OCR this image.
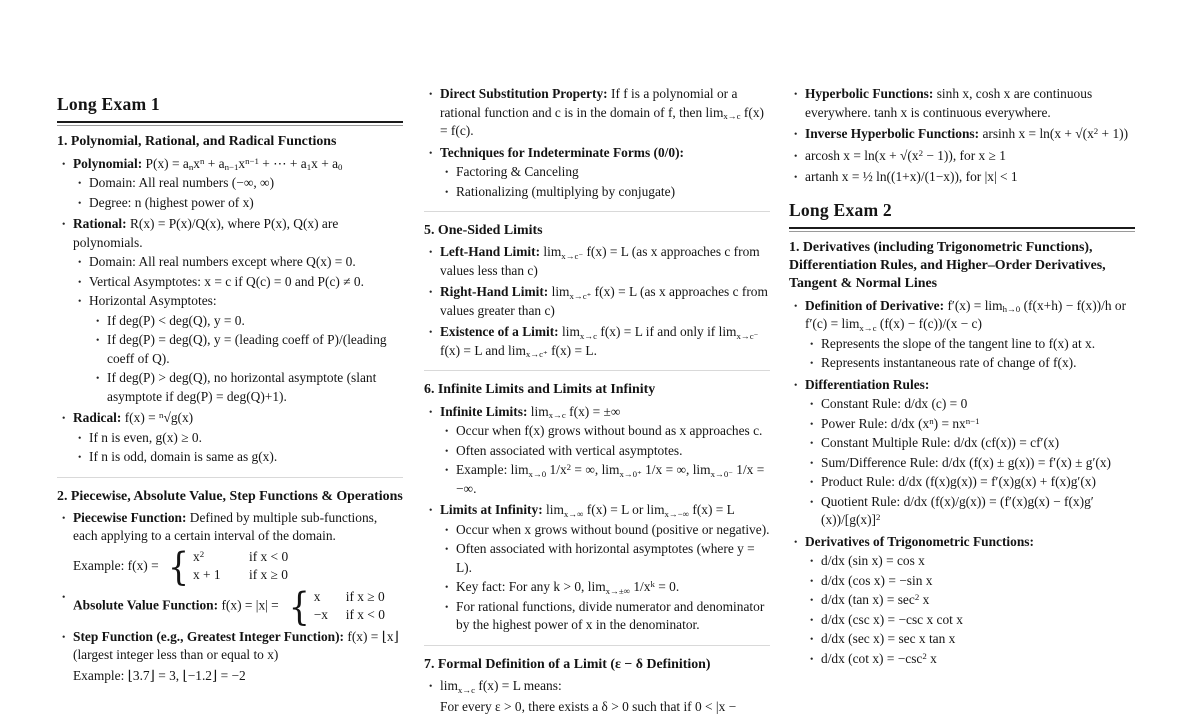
Long Exam 1
1. Polynomial, Rational, and Radical Functions
•
Polynomial: $P(x) = a_nx^n + a_{n-1}x^{n-1}$ + ⋯ + $a_1x + a_0$
•
Domain: All real numbers (−∞, ∞)
•
Degree: n (highest power of x)
•
Rational: R(x) = P(x)/Q(x), where P(x), Q(x) are polynomials.
•
Domain: All real numbers except where Q(x) = 0.
•
Vertical Asymptotes: x = c if Q(c) = 0 and P(c) ≠ 0.
•
Horizontal Asymptotes:
•
If deg(P) < deg(Q), y = 0.
•
If deg(P) = deg(Q), y = (leading coeff of P)/(leading coeff of Q).
•
If deg(P) > deg(Q), no horizontal asymptote (slant asymptote if deg(P) = deg(Q)+1).
•
Radical: f(x) = $^n$√g(x)
•
If n is even, g(x) ≥ 0.
•
If n is odd, domain is same as g(x).
2. Piecewise, Absolute Value, Step Functions & Operations
•
Piecewise Function: Defined by multiple sub-functions, each applying to a certain interval of the domain.
Example: f(x) = { $x^2$	if x < 0
x + 1	if x ≥ 0
•
Absolute Value Function: f(x) = |x| = { x	if x ≥ 0
−x	if x < 0
•
Step Function (e.g., Greatest Integer Function): f(x) = ⌊x⌋ (largest integer less than or equal to x)
Example: ⌊3.7⌋ = 3, ⌊−1.2⌋ = −2
•
Direct Substitution Property: If f is a polynomial or a rational function and c is in the domain of f, then $\lim_{x\to c} f(x) = f(c)$.
•
Techniques for Indeterminate Forms (0/0):
•
Factoring & Canceling
•
Rationalizing (multiplying by conjugate)
5. One-Sided Limits
•
Left-Hand Limit: $\lim_{x\to c^-} f(x) = L$ (as x approaches c from values less than c)
•
Right-Hand Limit: $\lim_{x\to c^+} f(x) = L$ (as x approaches c from values greater than c)
•
Existence of a Limit: $\lim_{x\to c} f(x) = L$ if and only if $\lim_{x\to c^-} f(x) = L$ and $\lim_{x\to c^+} f(x) = L$.
6. Infinite Limits and Limits at Infinity
•
Infinite Limits: $\lim_{x\to c} f(x)$ = ±∞
•
Occur when f(x) grows without bound as x approaches c.
•
Often associated with vertical asymptotes.
•
Example: $\lim_{x\to 0} 1/x^2$ = ∞, $\lim_{x\to 0^+} 1/x$ = ∞, $\lim_{x\to 0^-} 1/x$ = −∞.
•
Limits at Infinity: $\lim_{x\to\infty} f(x) = L$ or $\lim_{x\to-\infty} f(x) = L$
•
Occur when x grows without bound (positive or negative).
•
Often associated with horizontal asymptotes (where y = L).
•
Key fact: For any k > 0, $\lim_{x\to\pm\infty} 1/x^k = 0$.
•
For rational functions, divide numerator and denominator by the highest power of x in the denominator.
7. Formal Definition of a Limit (ε − δ Definition)
•
$\lim_{x\to c} f(x) = L$ means:
For every ε > 0, there exists a δ > 0 such that if 0 < |x −
•
Hyperbolic Functions: sinh x, cosh x are continuous everywhere. tanh x is continuous everywhere.
•
Inverse Hyperbolic Functions: arsinh $x = \ln(x + √(x^2 + 1))$
•
arcosh $x = \ln(x + √(x^2 - 1))$, for x ≥ 1
•
artanh x = ½ ln((1+x)/(1−x)), for |x| < 1
Long Exam 2
1. Derivatives (including Trigonometric Functions), Differentiation Rules, and Higher–Order Derivatives, Tangent & Normal Lines
•
Definition of Derivative: $f'(x) = \lim_{h\to 0} (f(x+h) - f(x))/h$ or $f'(c) = \lim_{x\to c} (f(x) - f(c))/(x - c)$
•
Represents the slope of the tangent line to f(x) at x.
•
Represents instantaneous rate of change of f(x).
•
Differentiation Rules:
•
Constant Rule: d/dx (c) = 0
•
Power Rule: d/dx $(x^n) = nx^{n-1}$
•
Constant Multiple Rule: d/dx (cf(x)) = cf′(x)
•
Sum/Difference Rule: d/dx (f(x) ± g(x)) = f′(x) ± g′(x)
•
Product Rule: d/dx (f(x)g(x)) = f′(x)g(x) + f(x)g′(x)
•
Quotient Rule: d/dx $(f(x)/g(x)) = (f'(x)g(x) - f(x)g'(x))/[g(x)]^2$
•
Derivatives of Trigonometric Functions:
•
d/dx (sin x) = cos x
•
d/dx (cos x) = −sin x
•
d/dx (tan $x) = \sec^2 x$
•
d/dx (csc x) = −csc x cot x
•
d/dx (sec x) = sec x tan x
•
d/dx (cot $x) = -\csc^2$ x
